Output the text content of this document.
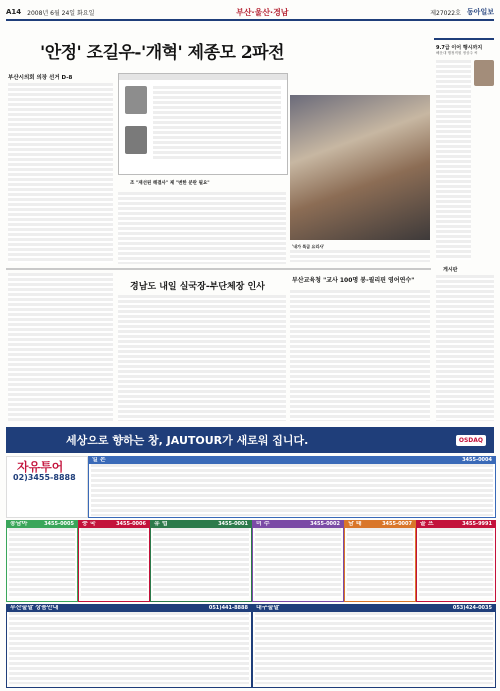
A14 2008년 6월 24일 화요일	부산·울산·경남	제27022호 동아일보
'안정' 조길우-'개혁' 제종모 2파전
부산시의회 의장 선거 D-8
조 "재선된 해결사" 제 "변한 분란 필요"
'내가 특급 요리사'
9.7급 이어 행시까지
해운대 행정직원 정상주 씨
경남도 내일 실국장-부단체장 인사
부산교육청 "교사 100명 봉-필리핀 영어연수"
게시판
세상으로 향하는 창, JAUTOUR가 새로워 집니다.	OSDAQ
자유투어
02)3455-8888
일 본	3455-0004
동남아	3455-0005 중 국	3455-0006 유 럽	3455-0001 미 주	3455-0002 남 태	3455-0007 골 프	3455-9991
부산출발 상품안내	051)441-8888 대구출발	053)424-0035
